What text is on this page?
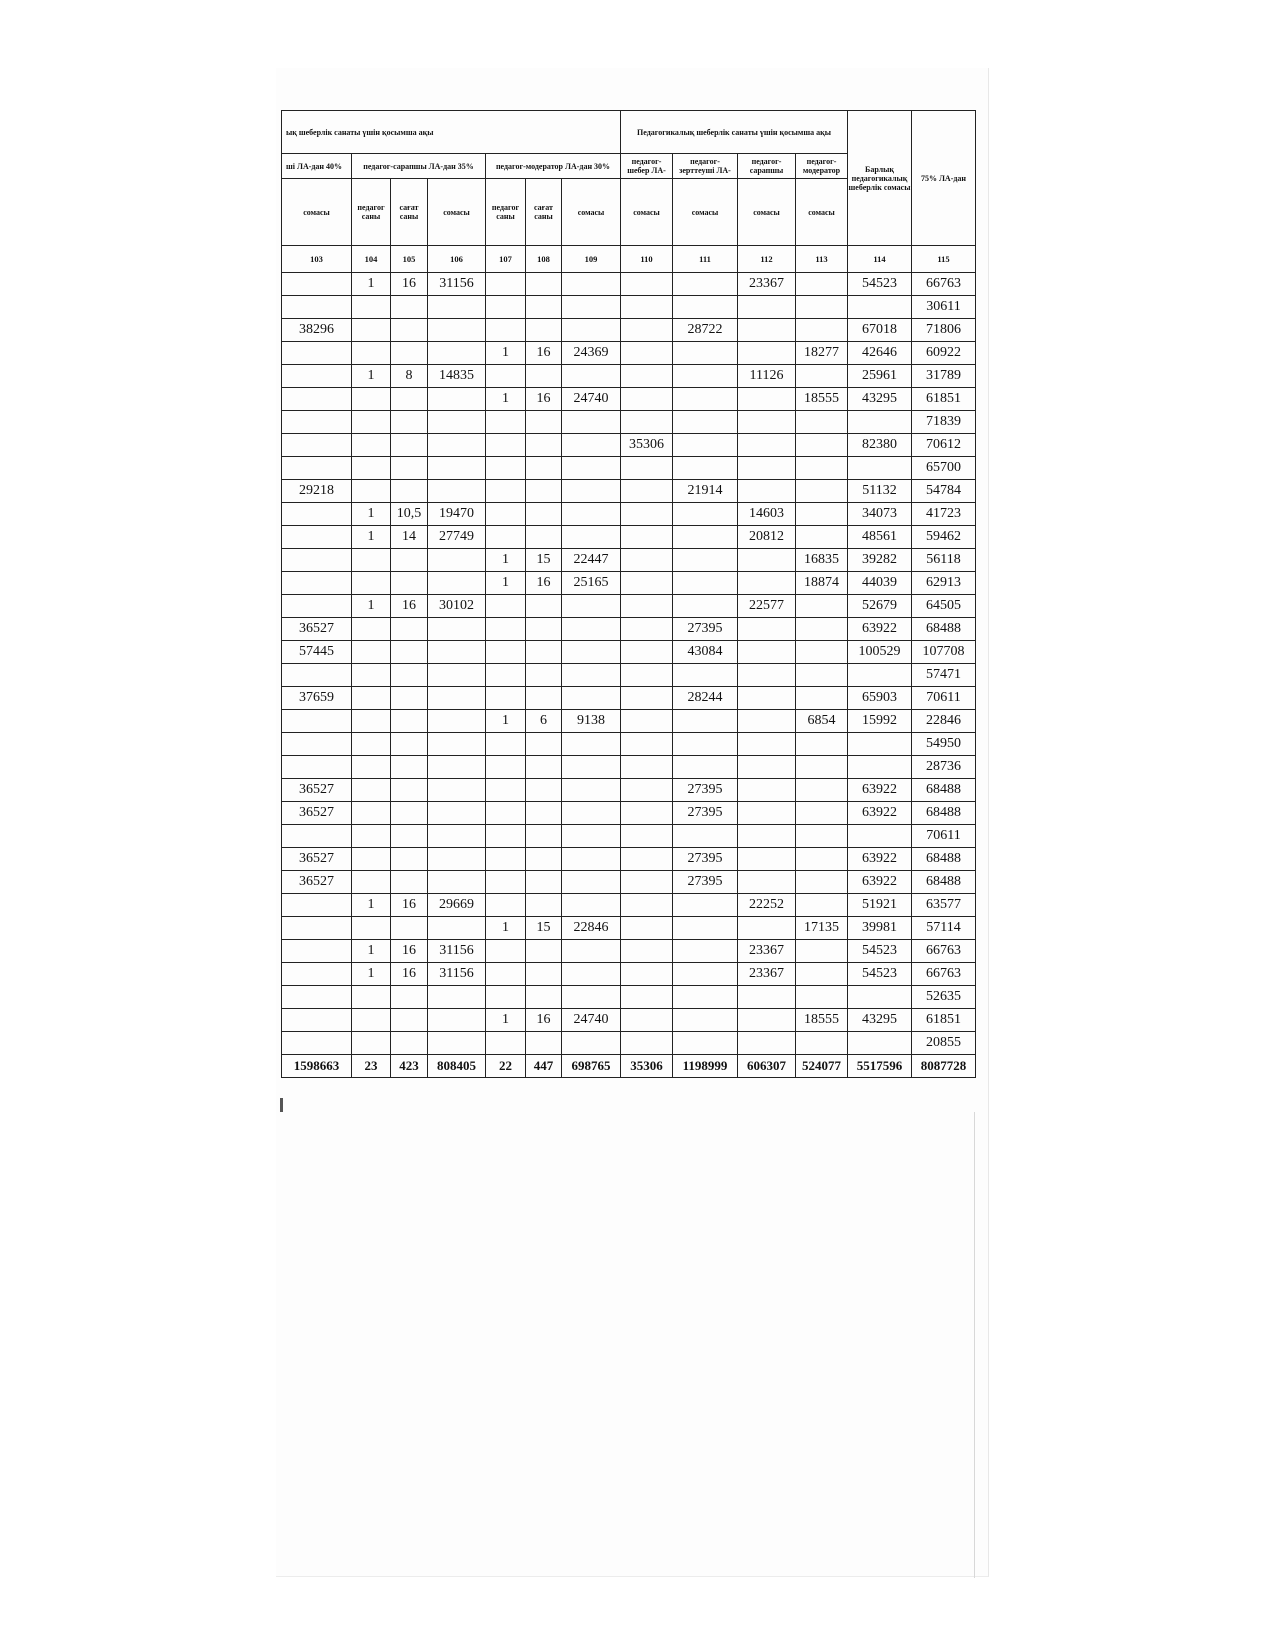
ық шеберлік санаты үшін қосымша ақы							Педагогикалық шеберлік санаты үшін қосымша ақы				Барлық педагогикалық шеберлік сомасы	75% ЛА-дан
ші ЛА-дан 40%	педагог-сарапшы ЛА-дан 35%			педагог-модератор ЛА-дан 30%			педагог-шебер ЛА-	педагог-зерттеуші ЛА-	педагог-сарапшы	педагог-модератор		
сомасы	педагог саны	сағат саны	сомасы	педагог саны	сағат саны	сомасы	сомасы	сомасы	сомасы	сомасы		
103	104	105	106	107	108	109	110	111	112	113	114	115
	1	16	31156						23367		54523	66763
												30611
38296								28722			67018	71806
				1	16	24369				18277	42646	60922
	1	8	14835						11126		25961	31789
				1	16	24740				18555	43295	61851
												71839
							35306				82380	70612
												65700
29218								21914			51132	54784
	1	10,5	19470						14603		34073	41723
	1	14	27749						20812		48561	59462
				1	15	22447				16835	39282	56118
				1	16	25165				18874	44039	62913
	1	16	30102						22577		52679	64505
36527								27395			63922	68488
57445								43084			100529	107708
												57471
37659								28244			65903	70611
				1	6	9138				6854	15992	22846
												54950
												28736
36527								27395			63922	68488
36527								27395			63922	68488
												70611
36527								27395			63922	68488
36527								27395			63922	68488
	1	16	29669						22252		51921	63577
				1	15	22846				17135	39981	57114
	1	16	31156						23367		54523	66763
	1	16	31156						23367		54523	66763
												52635
				1	16	24740				18555	43295	61851
												20855
1598663	23	423	808405	22	447	698765	35306	1198999	606307	524077	5517596	8087728
